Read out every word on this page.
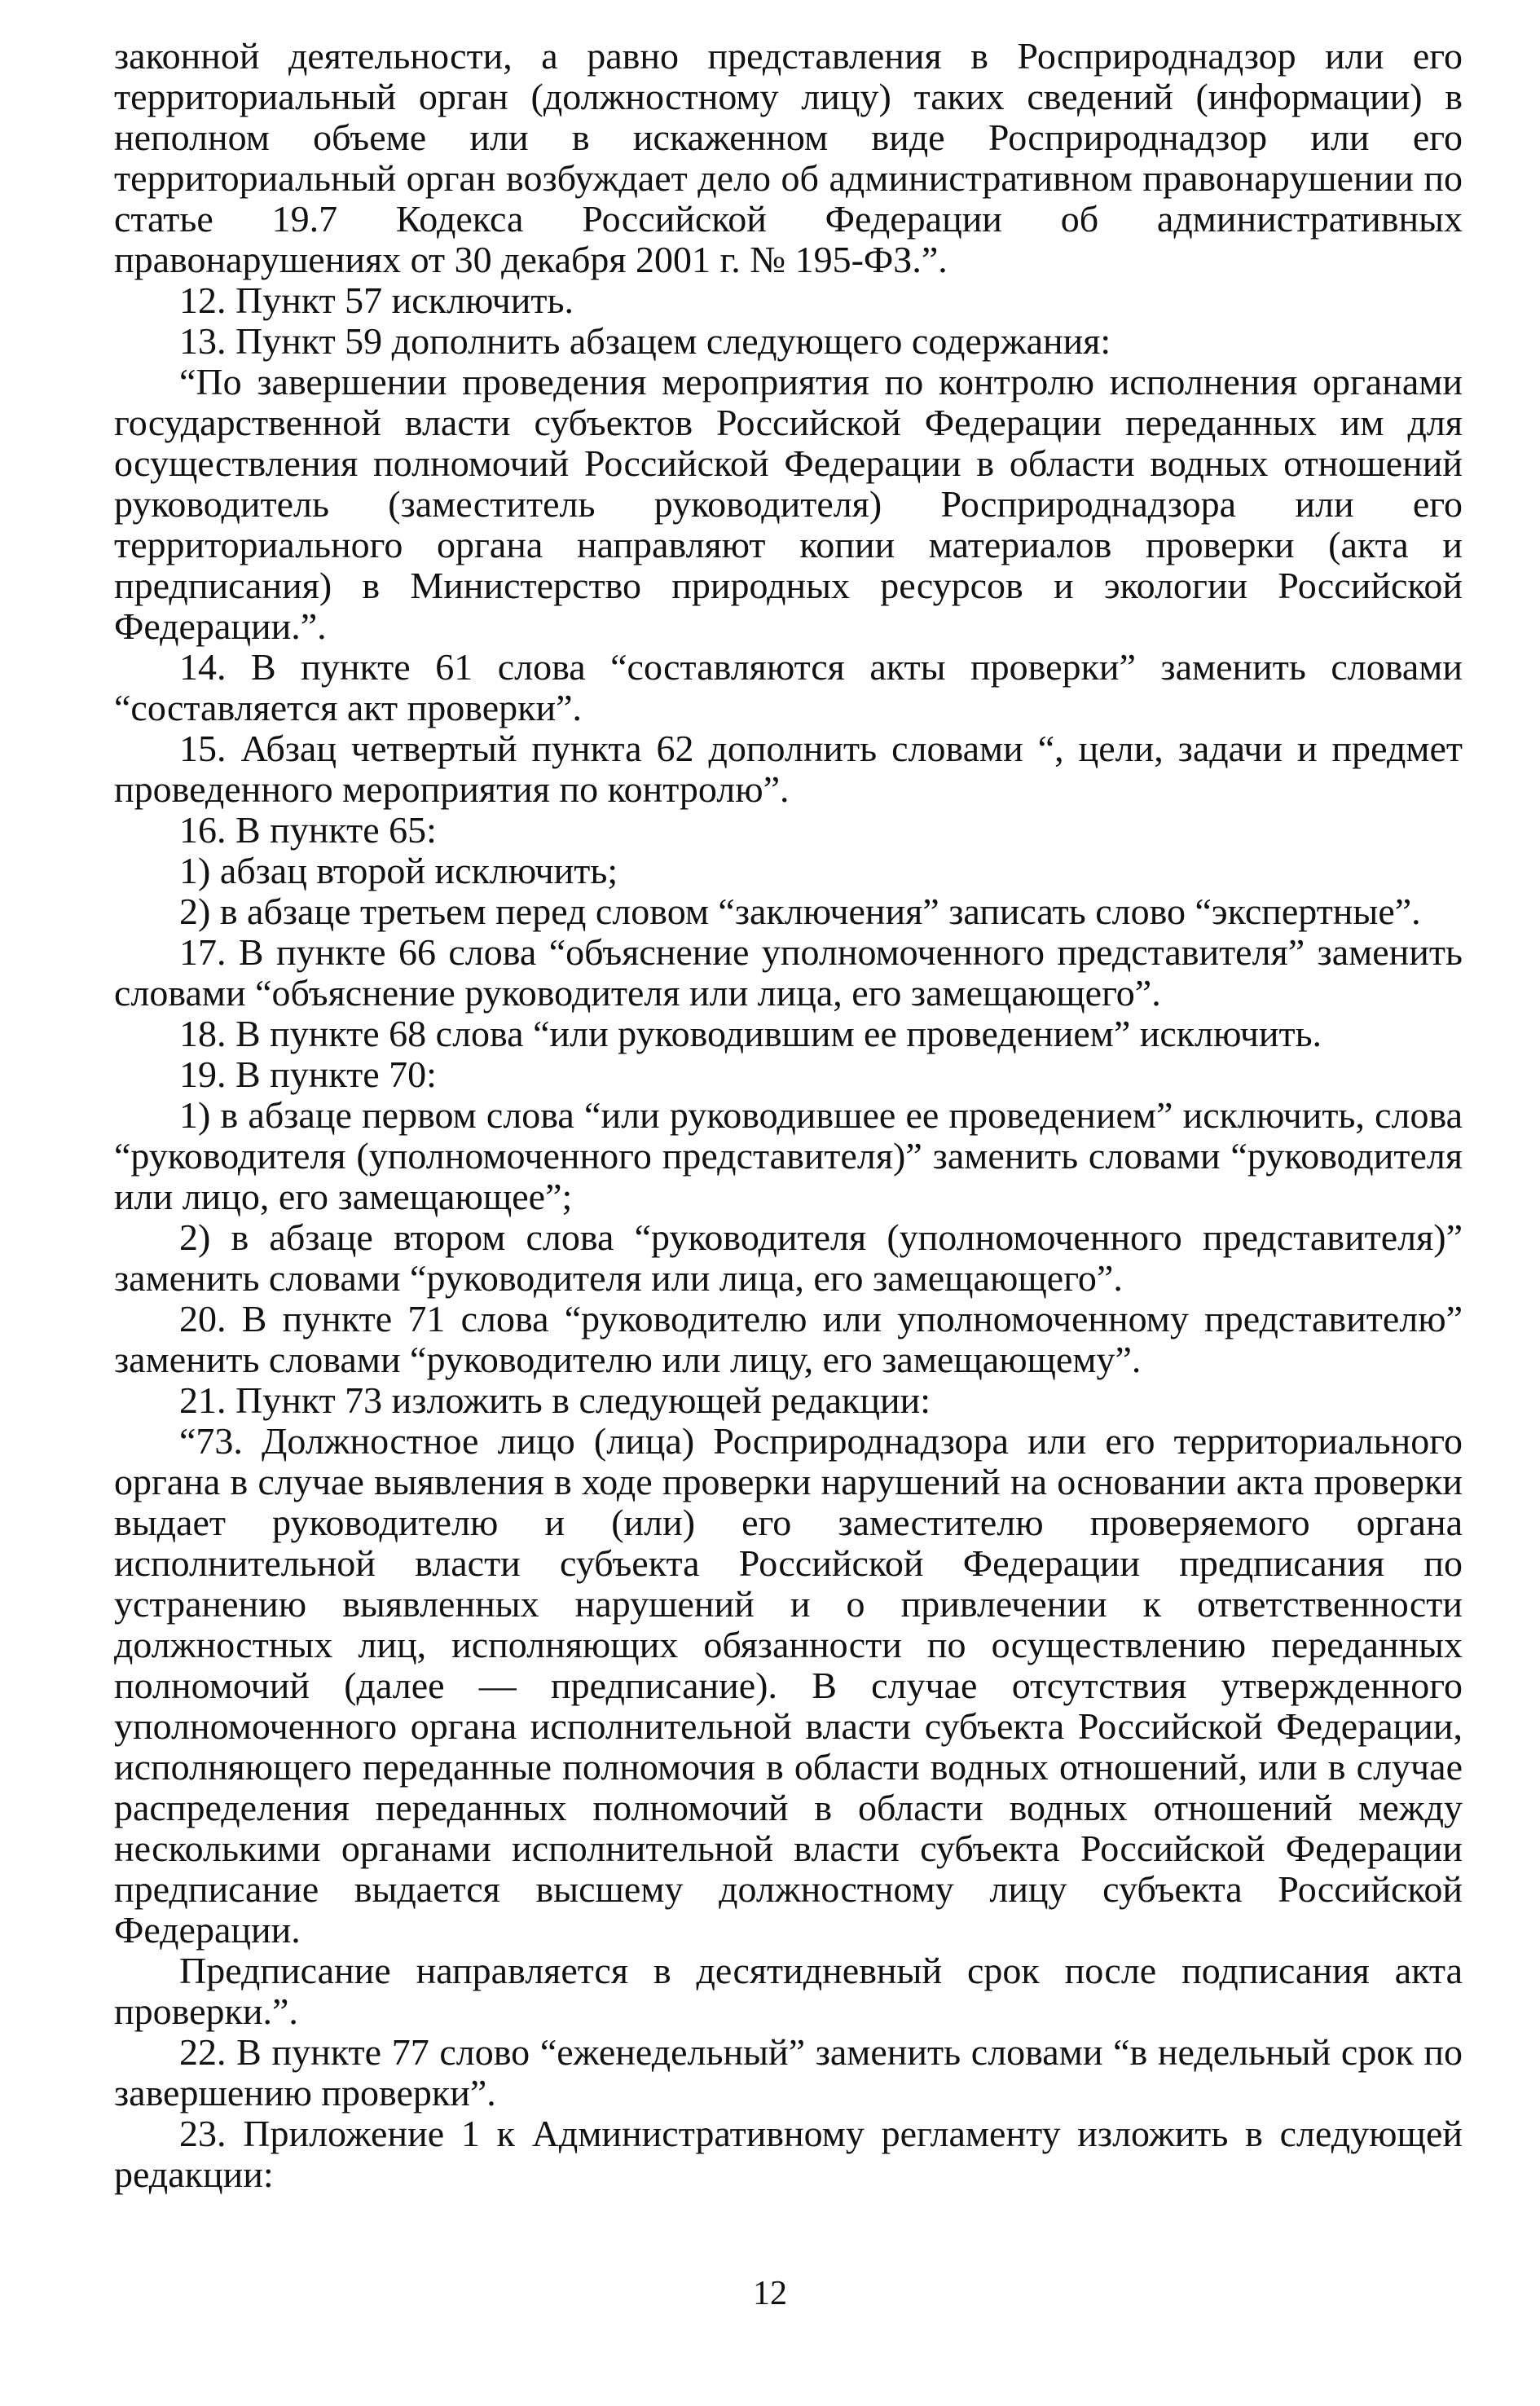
законной деятельности, а равно представления в Росприроднадзор или его территориальный орган (должностному лицу) таких сведений (информации) в неполном объеме или в искаженном виде Росприроднадзор или его территориальный орган возбуждает дело об административном правонарушении по статье 19.7 Кодекса Российской Федерации об административных правонарушениях от 30 декабря 2001 г. № 195-ФЗ.”.

12. Пункт 57 исключить.

13. Пункт 59 дополнить абзацем следующего содержания:

“По завершении проведения мероприятия по контролю исполнения органами государственной власти субъектов Российской Федерации переданных им для осуществления полномочий Российской Федерации в области водных отношений руководитель (заместитель руководителя) Росприроднадзора или его территориального органа направляют копии материалов проверки (акта и предписания) в Министерство природных ресурсов и экологии Российской Федерации.”.

14. В пункте 61 слова “составляются акты проверки” заменить словами “составляется акт проверки”.

15. Абзац четвертый пункта 62 дополнить словами “, цели, задачи и предмет проведенного мероприятия по контролю”.

16. В пункте 65:

1) абзац второй исключить;

2) в абзаце третьем перед словом “заключения” записать слово “экспертные”.

17. В пункте 66 слова “объяснение уполномоченного представителя” заменить словами “объяснение руководителя или лица, его замещающего”.

18. В пункте 68 слова “или руководившим ее проведением” исключить.

19. В пункте 70:

1) в абзаце первом слова “или руководившее ее проведением” исключить, слова “руководителя (уполномоченного представителя)” заменить словами “руководителя или лицо, его замещающее”;

2) в абзаце втором слова “руководителя (уполномоченного представителя)” заменить словами “руководителя или лица, его замещающего”.

20. В пункте 71 слова “руководителю или уполномоченному представителю” заменить словами “руководителю или лицу, его замещающему”.

21. Пункт 73 изложить в следующей редакции:

“73. Должностное лицо (лица) Росприроднадзора или его территориального органа в случае выявления в ходе проверки нарушений на основании акта проверки выдает руководителю и (или) его заместителю проверяемого органа исполнительной власти субъекта Российской Федерации предписания по устранению выявленных нарушений и о привлечении к ответственности должностных лиц, исполняющих обязанности по осуществлению переданных полномочий (далее — предписание). В случае отсутствия утвержденного уполномоченного органа исполнительной власти субъекта Российской Федерации, исполняющего переданные полномочия в области водных отношений, или в случае распределения переданных полномочий в области водных отношений между несколькими органами исполнительной власти субъекта Российской Федерации предписание выдается высшему должностному лицу субъекта Российской Федерации.

Предписание направляется в десятидневный срок после подписания акта проверки.”.

22. В пункте 77 слово “еженедельный” заменить словами “в недельный срок по завершению проверки”.

23. Приложение 1 к Административному регламенту изложить в следующей редакции:

12
